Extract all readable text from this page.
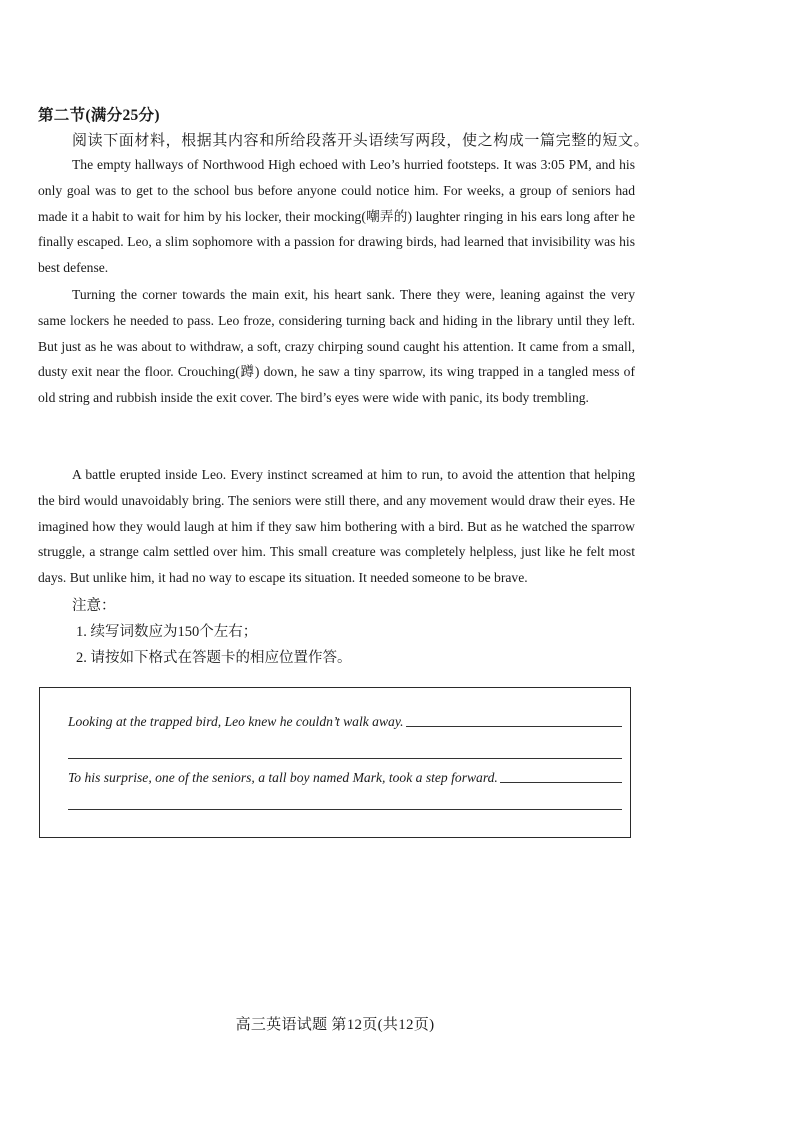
第二节(满分25分)
阅读下面材料，根据其内容和所给段落开头语续写两段，使之构成一篇完整的短文。

The empty hallways of Northwood High echoed with Leo’s hurried footsteps. It was 3:05 PM, and his only goal was to get to the school bus before anyone could notice him. For weeks, a group of seniors had made it a habit to wait for him by his locker, their mocking(嘲弄的) laughter ringing in his ears long after he finally escaped. Leo, a slim sophomore with a passion for drawing birds, had learned that invisibility was his best defense.

Turning the corner towards the main exit, his heart sank. There they were, leaning against the very same lockers he needed to pass. Leo froze, considering turning back and hiding in the library until they left. But just as he was about to withdraw, a soft, crazy chirping sound caught his attention. It came from a small, dusty exit near the floor. Crouching(蹲) down, he saw a tiny sparrow, its wing trapped in a tangled mess of old string and rubbish inside the exit cover. The bird’s eyes were wide with panic, its body trembling.

A battle erupted inside Leo. Every instinct screamed at him to run, to avoid the attention that helping the bird would unavoidably bring. The seniors were still there, and any movement would draw their eyes. He imagined how they would laugh at him if they saw him bothering with a bird. But as he watched the sparrow struggle, a strange calm settled over him. This small creature was completely helpless, just like he felt most days. But unlike him, it had no way to escape its situation. It needed someone to be brave.

注意：
1. 续写词数应为150个左右；
2. 请按如下格式在答题卡的相应位置作答。
Looking at the trapped bird, Leo knew he couldn’t walk away.
To his surprise, one of the seniors, a tall boy named Mark, took a step forward.
高三英语试题 第12页(共12页)
